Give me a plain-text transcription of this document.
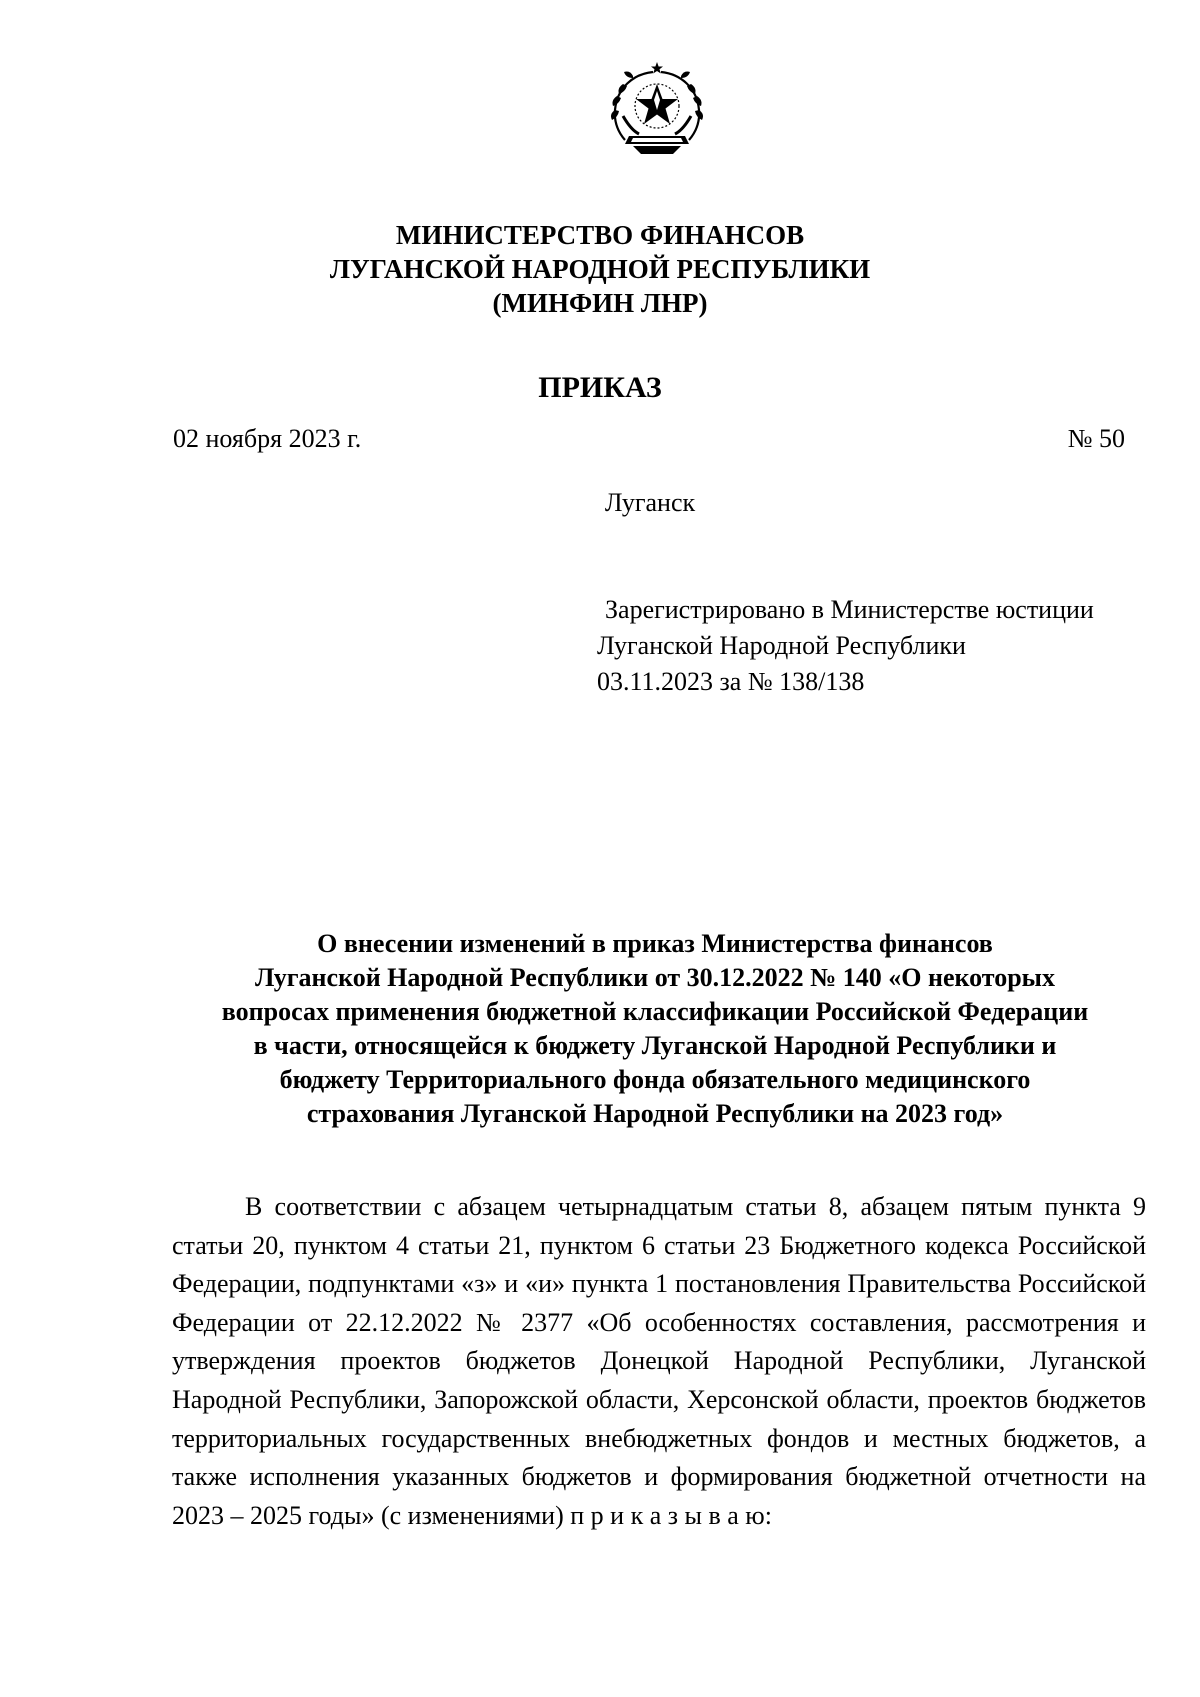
МИНИСТЕРСТВО ФИНАНСОВ
ЛУГАНСКОЙ НАРОДНОЙ РЕСПУБЛИКИ
(МИНФИН ЛНР)
ПРИКАЗ
02 ноября 2023 г.	№ 50
Луганск
Зарегистрировано в Министерстве юстиции
Луганской Народной Республики
03.11.2023 за № 138/138
О внесении изменений в приказ Министерства финансов
Луганской Народной Республики от 30.12.2022 № 140 «О некоторых
вопросах применения бюджетной классификации Российской Федерации
в части, относящейся к бюджету Луганской Народной Республики и
бюджету Территориального фонда обязательного медицинского
страхования Луганской Народной Республики на 2023 год»
В соответствии с абзацем четырнадцатым статьи 8, абзацем пятым пункта 9 статьи 20, пунктом 4 статьи 21, пунктом 6 статьи 23 Бюджетного кодекса Российской Федерации, подпунктами «з» и «и» пункта 1 постановления Правительства Российской Федерации от 22.12.2022 № 2377 «Об особенностях составления, рассмотрения и утверждения проектов бюджетов Донецкой Народной Республики, Луганской Народной Республики, Запорожской области, Херсонской области, проектов бюджетов территориальных государственных внебюджетных фондов и местных бюджетов, а также исполнения указанных бюджетов и формирования бюджетной отчетности на 2023 – 2025 годы» (с изменениями) п р и к а з ы в а ю:
